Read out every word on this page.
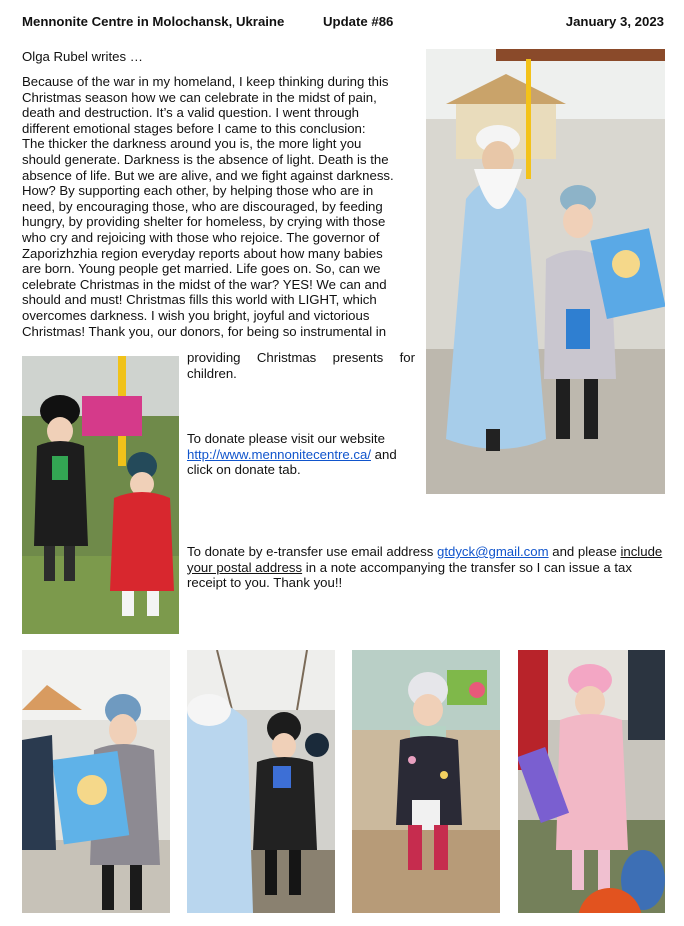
Mennonite Centre in Molochansk, Ukraine	Update #86	January 3, 2023
Olga Rubel writes …

Because of the war in my homeland, I keep thinking during this
Christmas season how we can celebrate in the midst of pain,
death and destruction. It’s a valid question. I went through
different emotional stages before I came to this conclusion:
The thicker the darkness around you is, the more light you
should generate. Darkness is the absence of light. Death is the
absence of life. But we are alive, and we fight against darkness.
How? By supporting each other, by helping those who are in
need, by encouraging those, who are discouraged, by feeding
hungry, by providing shelter for homeless, by crying with those
who cry and rejoicing with those who rejoice. The governor of
Zaporizhzhia region everyday reports about how many babies
are born. Young people get married. Life goes on. So, can we
celebrate Christmas in the midst of the war? YES! We can and
should and must! Christmas fills this world with LIGHT, which
overcomes darkness. I wish you bright, joyful and victorious
Christmas! Thank you, our donors, for being so instrumental in

providing Christmas presents for
children.

To donate please visit our website http://www.mennonitecentre.ca/ and click on donate tab.

To donate by e-transfer use email address gtdyck@gmail.com and please include your postal address in a note accompanying the transfer so I can issue a tax receipt to you. Thank you!!
